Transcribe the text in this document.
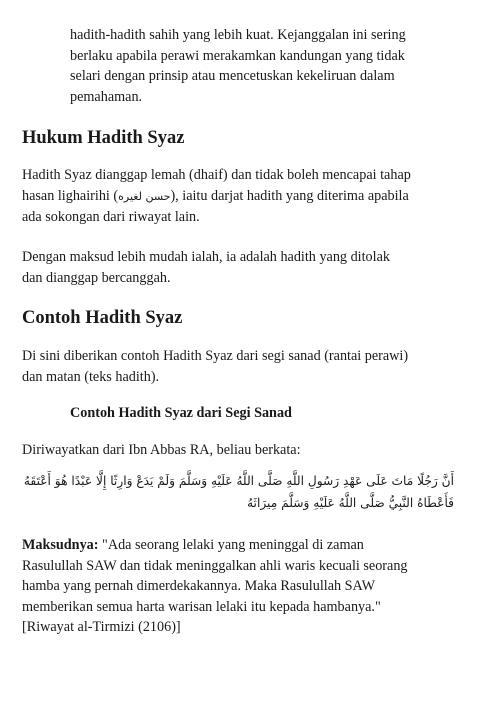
hadith-hadith sahih yang lebih kuat. Kejanggalan ini sering
berlaku apabila perawi merakamkan kandungan yang tidak
selari dengan prinsip atau mencetuskan kekeliruan dalam
pemahaman.
Hukum Hadith Syaz
Hadith Syaz dianggap lemah (dhaif) dan tidak boleh mencapai tahap
hasan lighairihi (حسن لغيره), iaitu darjat hadith yang diterima apabila
ada sokongan dari riwayat lain.
Dengan maksud lebih mudah ialah, ia adalah hadith yang ditolak
dan dianggap bercanggah.
Contoh Hadith Syaz
Di sini diberikan contoh Hadith Syaz dari segi sanad (rantai perawi)
dan matan (teks hadith).
Contoh Hadith Syaz dari Segi Sanad
Diriwayatkan dari Ibn Abbas RA, beliau berkata:
أَنَّ رَجُلًا مَاتَ عَلَى عَهْدِ رَسُولِ اللَّهِ صَلَّى اللَّهُ عَلَيْهِ وَسَلَّمَ وَلَمْ يَدَعْ وَارِثًا إِلَّا عَبْدًا هُوَ أَعْتَقَهُ
فَأَعْطَاهُ النَّبِيُّ صَلَّى اللَّهُ عَلَيْهِ وَسَلَّمَ مِيرَاثَهُ
Maksudnya: "Ada seorang lelaki yang meninggal di zaman
Rasulullah SAW dan tidak meninggalkan ahli waris kecuali seorang
hamba yang pernah dimerdekakannya. Maka Rasulullah SAW
memberikan semua harta warisan lelaki itu kepada hambanya."
[Riwayat al-Tirmizi (2106)]
